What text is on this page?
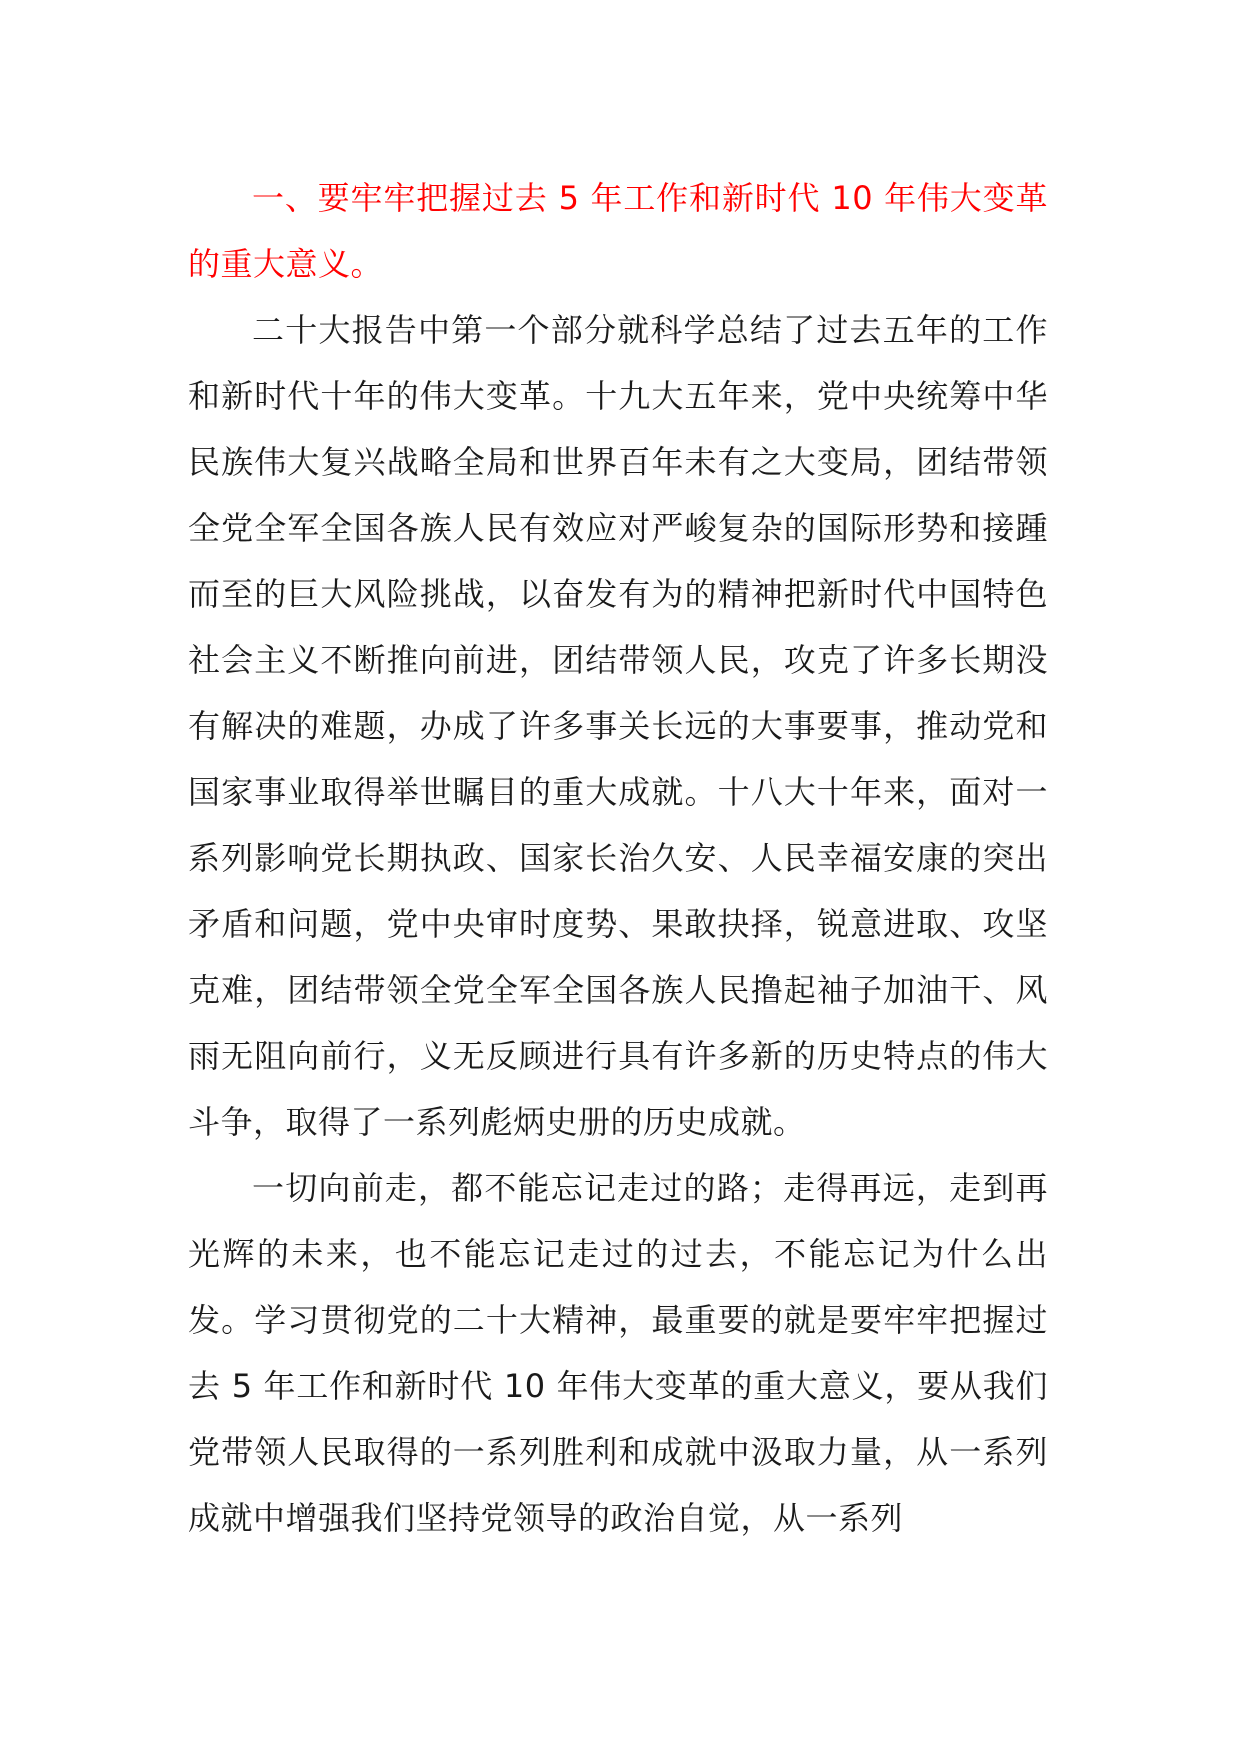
一、要牢牢把握过去 5 年工作和新时代 10 年伟大变革的重大意义。

二十大报告中第一个部分就科学总结了过去五年的工作和新时代十年的伟大变革。十九大五年来，党中央统筹中华民族伟大复兴战略全局和世界百年未有之大变局，团结带领全党全军全国各族人民有效应对严峻复杂的国际形势和接踵而至的巨大风险挑战，以奋发有为的精神把新时代中国特色社会主义不断推向前进，团结带领人民，攻克了许多长期没有解决的难题，办成了许多事关长远的大事要事，推动党和国家事业取得举世瞩目的重大成就。十八大十年来，面对一系列影响党长期执政、国家长治久安、人民幸福安康的突出矛盾和问题，党中央审时度势、果敢抉择，锐意进取、攻坚克难，团结带领全党全军全国各族人民撸起袖子加油干、风雨无阻向前行，义无反顾进行具有许多新的历史特点的伟大斗争，取得了一系列彪炳史册的历史成就。

一切向前走，都不能忘记走过的路；走得再远，走到再光辉的未来，也不能忘记走过的过去，不能忘记为什么出发。学习贯彻党的二十大精神，最重要的就是要牢牢把握过去 5 年工作和新时代 10 年伟大变革的重大意义，要从我们党带领人民取得的一系列胜利和成就中汲取力量，从一系列成就中增强我们坚持党领导的政治自觉，从一系列
